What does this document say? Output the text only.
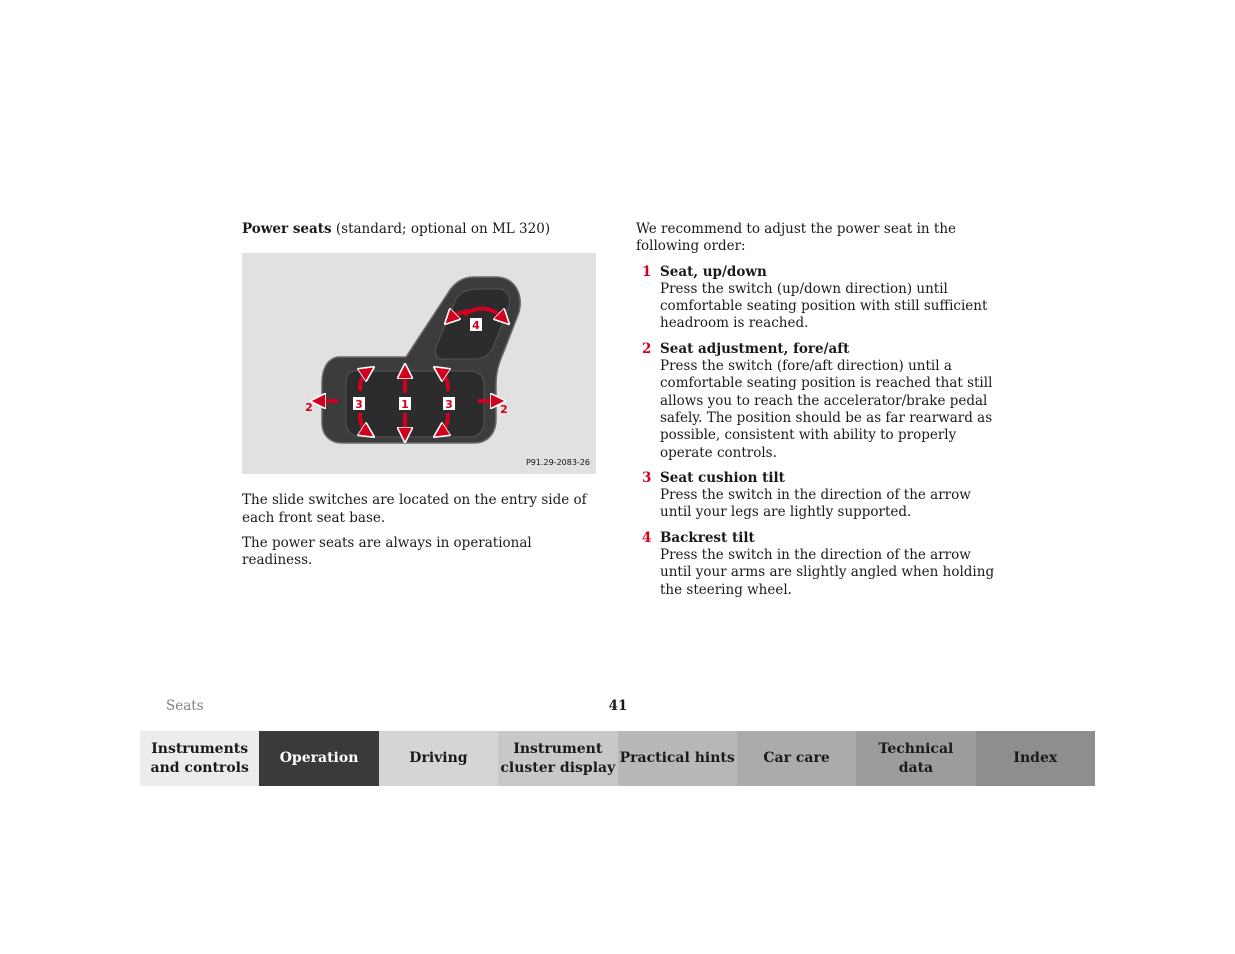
Power seats (standard; optional on ML 320)

1
3	3
2	2
4
P91.29-2083-26

The slide switches are located on the entry side of each front seat base.

The power seats are always in operational readiness.

We recommend to adjust the power seat in the following order:

1 Seat, up/down
Press the switch (up/down direction) until comfortable seating position with still sufficient headroom is reached.
2 Seat adjustment, fore/aft
Press the switch (fore/aft direction) until a comfortable seating position is reached that still allows you to reach the accelerator/brake pedal safely. The position should be as far rearward as possible, consistent with ability to properly operate controls.
3 Seat cushion tilt
Press the switch in the direction of the arrow until your legs are lightly supported.
4 Backrest tilt
Press the switch in the direction of the arrow until your arms are slightly angled when holding the steering wheel.
Seats	41
Instruments
and controls
Operation	Driving
Instrument
cluster display
Practical hints	Car care
Technical
data
Index
